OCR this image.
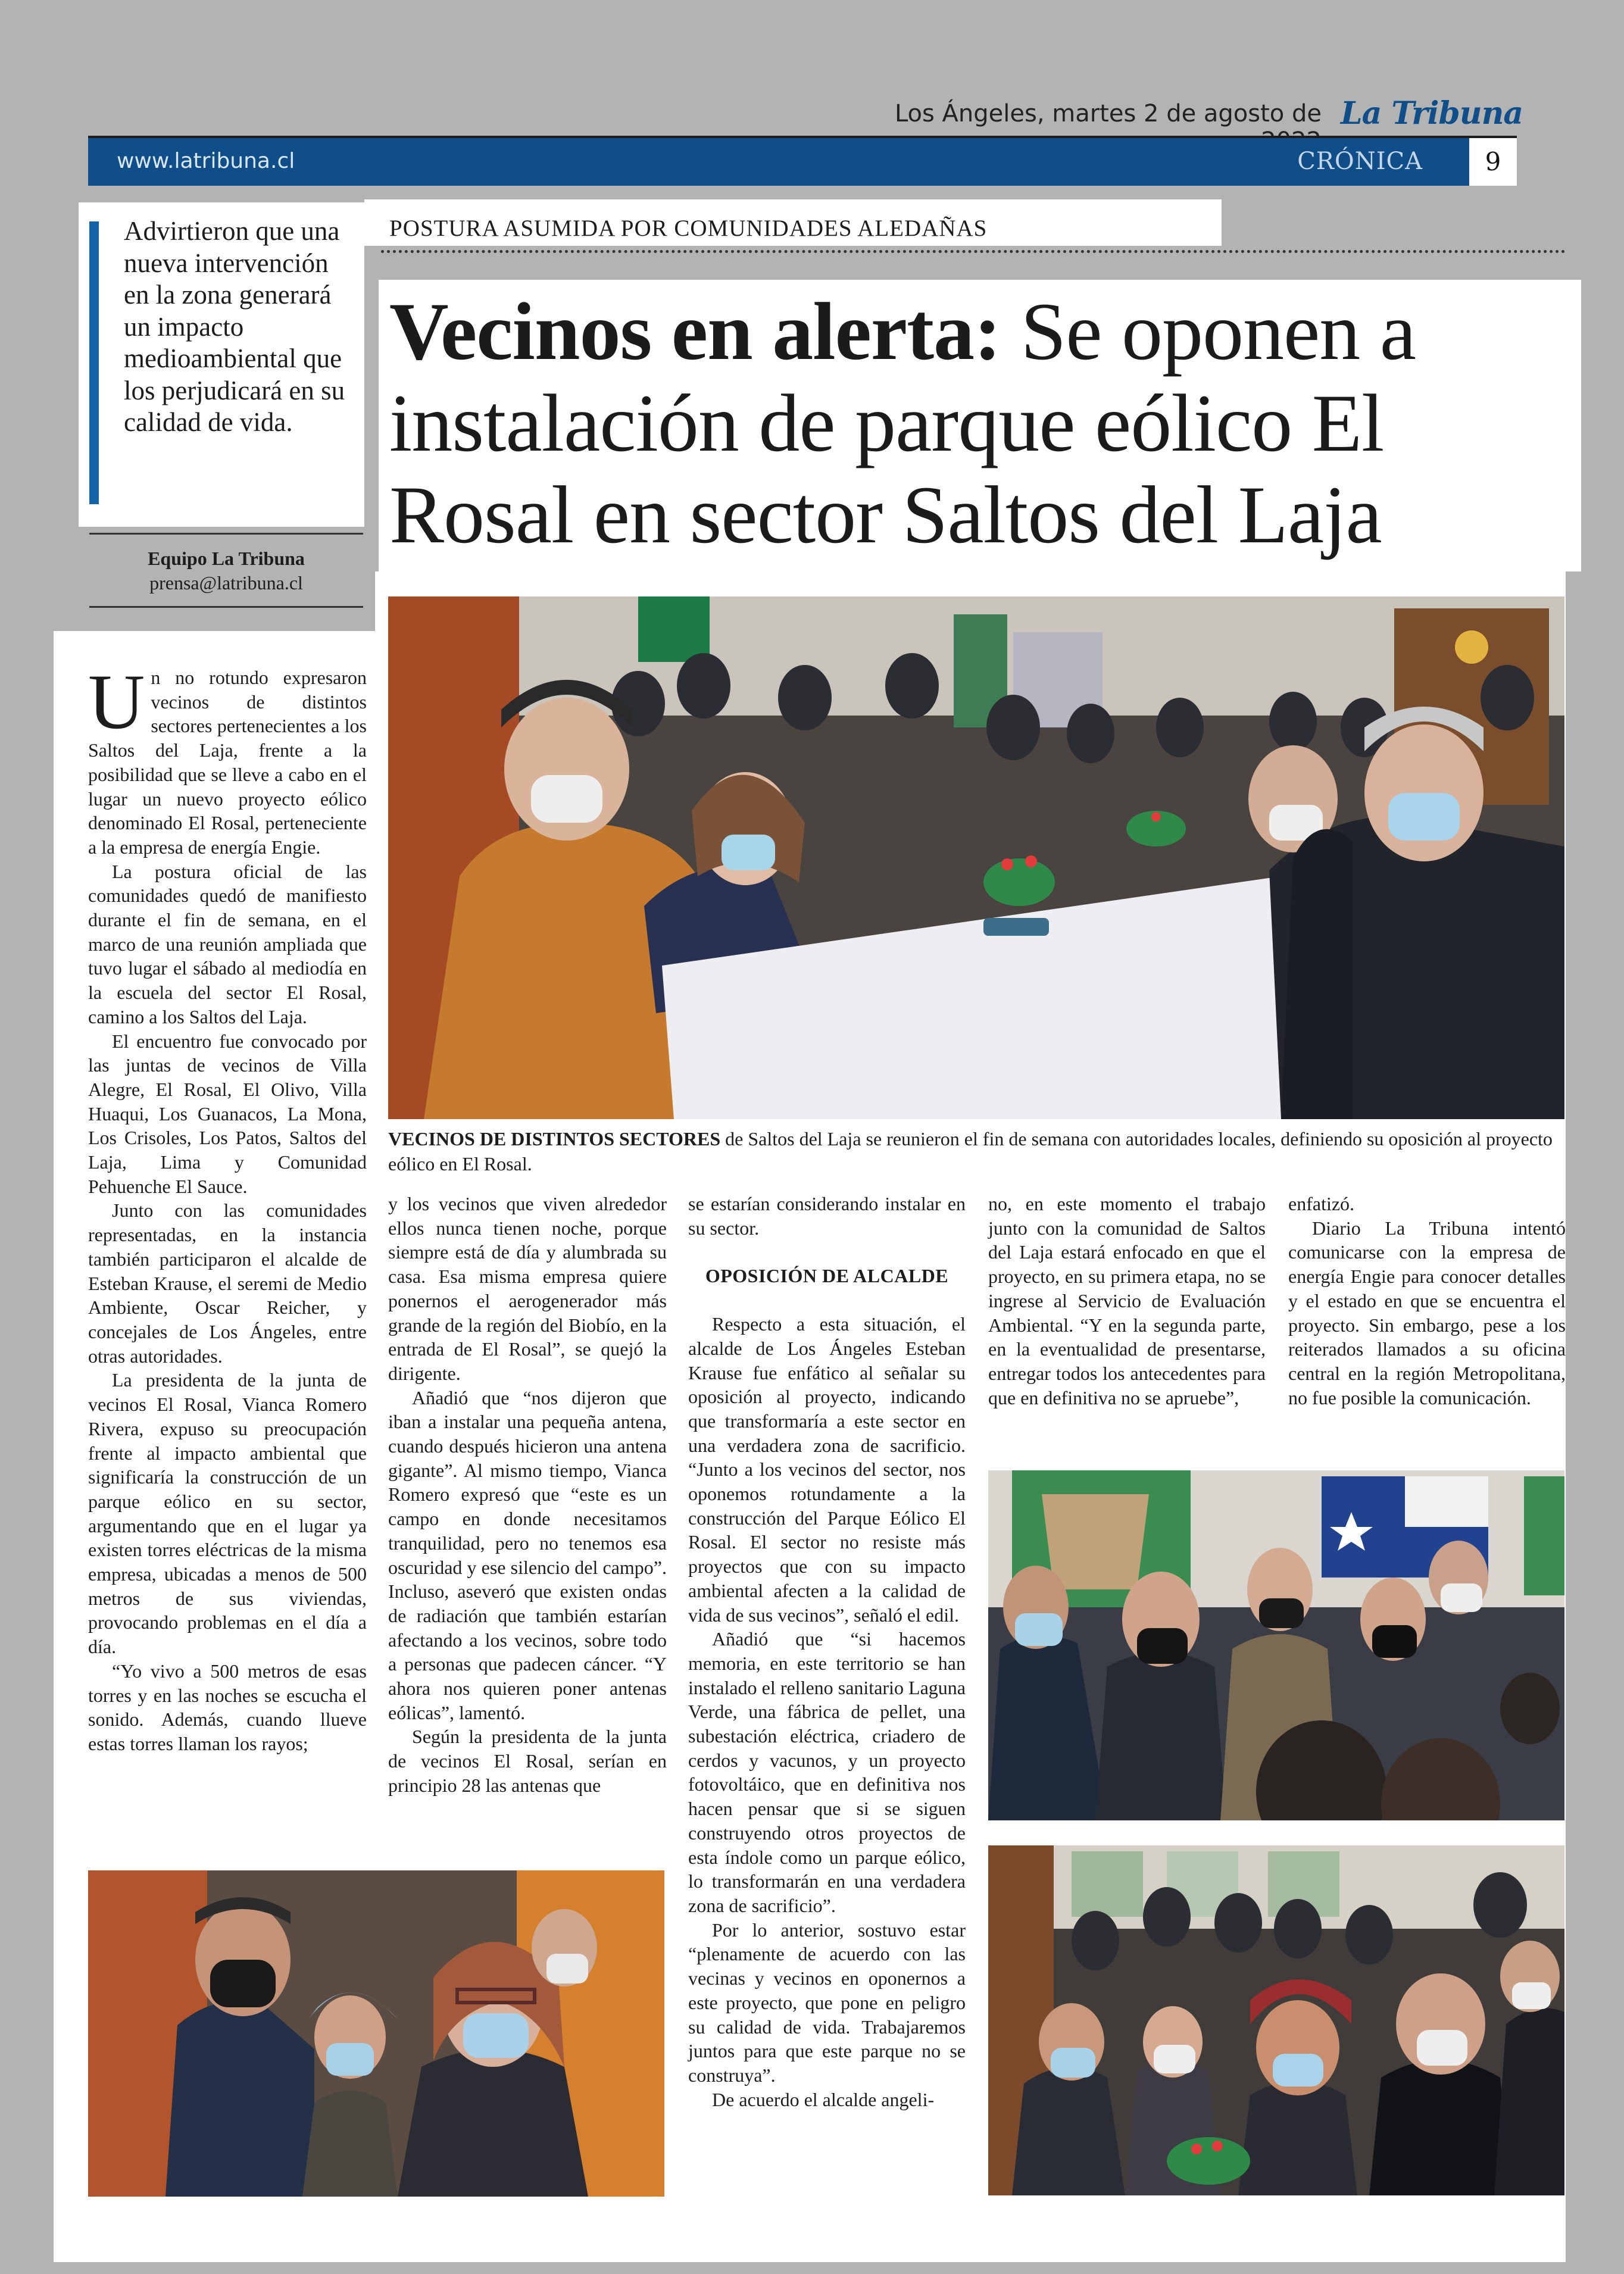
Los Ángeles, martes 2 de agosto de La Tribuna
www.latribuna.cl	CRÓNICA	9
Advirtieron que una nueva intervención en la zona generará un impacto medioambiental que los perjudicará en su calidad de vida.
Equipo La Tribuna
prensa@latribuna.cl
POSTURA ASUMIDA POR COMUNIDADES ALEDAÑAS
Vecinos en alerta: Se oponen a instalación de parque eólico El Rosal en sector Saltos del Laja
VECINOS DE DISTINTOS SECTORES de Saltos del Laja se reunieron el fin de semana con autoridades locales, definiendo su oposición al proyecto eólico en El Rosal.

Un no rotundo expresaron vecinos de distintos sectores pertenecientes a los Saltos del Laja, frente a la posibilidad que se lleve a cabo en el lugar un nuevo proyecto eólico denominado El Rosal, perteneciente a la empresa de energía Engie.

La postura oficial de las comunidades quedó de manifiesto durante el fin de semana, en el marco de una reunión ampliada que tuvo lugar el sábado al mediodía en la escuela del sector El Rosal, camino a los Saltos del Laja.

El encuentro fue convocado por las juntas de vecinos de Villa Alegre, El Rosal, El Olivo, Villa Huaqui, Los Guanacos, La Mona, Los Crisoles, Los Patos, Saltos del Laja, Lima y Comunidad Pehuenche El Sauce.

Junto con las comunidades representadas, en la instancia también participaron el alcalde de Esteban Krause, el seremi de Medio Ambiente, Oscar Reicher, y concejales de Los Ángeles, entre otras autoridades.

La presidenta de la junta de vecinos El Rosal, Vianca Romero Rivera, expuso su preocupación frente al impacto ambiental que significaría la construcción de un parque eólico en su sector, argumentando que en el lugar ya existen torres eléctricas de la misma empresa, ubicadas a menos de 500 metros de sus viviendas, provocando problemas en el día a día.

“Yo vivo a 500 metros de esas torres y en las noches se escucha el sonido. Además, cuando llueve estas torres llaman los rayos;

y los vecinos que viven alrededor ellos nunca tienen noche, porque siempre está de día y alumbrada su casa. Esa misma empresa quiere ponernos el aerogenerador más grande de la región del Biobío, en la entrada de El Rosal”, se quejó la dirigente.

Añadió que “nos dijeron que iban a instalar una pequeña antena, cuando después hicieron una antena gigante”. Al mismo tiempo, Vianca Romero expresó que “este es un campo en donde necesitamos tranquilidad, pero no tenemos esa oscuridad y ese silencio del campo”. Incluso, aseveró que existen ondas de radiación que también estarían afectando a los vecinos, sobre todo a personas que padecen cáncer. “Y ahora nos quieren poner antenas eólicas”, lamentó.

Según la presidenta de la junta de vecinos El Rosal, serían en principio 28 las antenas que

se estarían considerando instalar en su sector.

OPOSICIÓN DE ALCALDE

Respecto a esta situación, el alcalde de Los Ángeles Esteban Krause fue enfático al señalar su oposición al proyecto, indicando que transformaría a este sector en una verdadera zona de sacrificio. “Junto a los vecinos del sector, nos oponemos rotundamente a la construcción del Parque Eólico El Rosal. El sector no resiste más proyectos que con su impacto ambiental afecten a la calidad de vida de sus vecinos”, señaló el edil.

Añadió que “si hacemos memoria, en este territorio se han instalado el relleno sanitario Laguna Verde, una fábrica de pellet, una subestación eléctrica, criadero de cerdos y vacunos, y un proyecto fotovoltáico, que en definitiva nos hacen pensar que si se siguen construyendo otros proyectos de esta índole como un parque eólico, lo transformarán en una verdadera zona de sacrificio”.

Por lo anterior, sostuvo estar “plenamente de acuerdo con las vecinas y vecinos en oponernos a este proyecto, que pone en peligro su calidad de vida. Trabajaremos juntos para que este parque no se construya”.

De acuerdo el alcalde angeli-

no, en este momento el trabajo junto con la comunidad de Saltos del Laja estará enfocado en que el proyecto, en su primera etapa, no se ingrese al Servicio de Evaluación Ambiental. “Y en la segunda parte, en la eventualidad de presentarse, entregar todos los antecedentes para que en definitiva no se apruebe”,

enfatizó.

Diario La Tribuna intentó comunicarse con la empresa de energía Engie para conocer detalles y el estado en que se encuentra el proyecto. Sin embargo, pese a los reiterados llamados a su oficina central en la región Metropolitana, no fue posible la comunicación.
